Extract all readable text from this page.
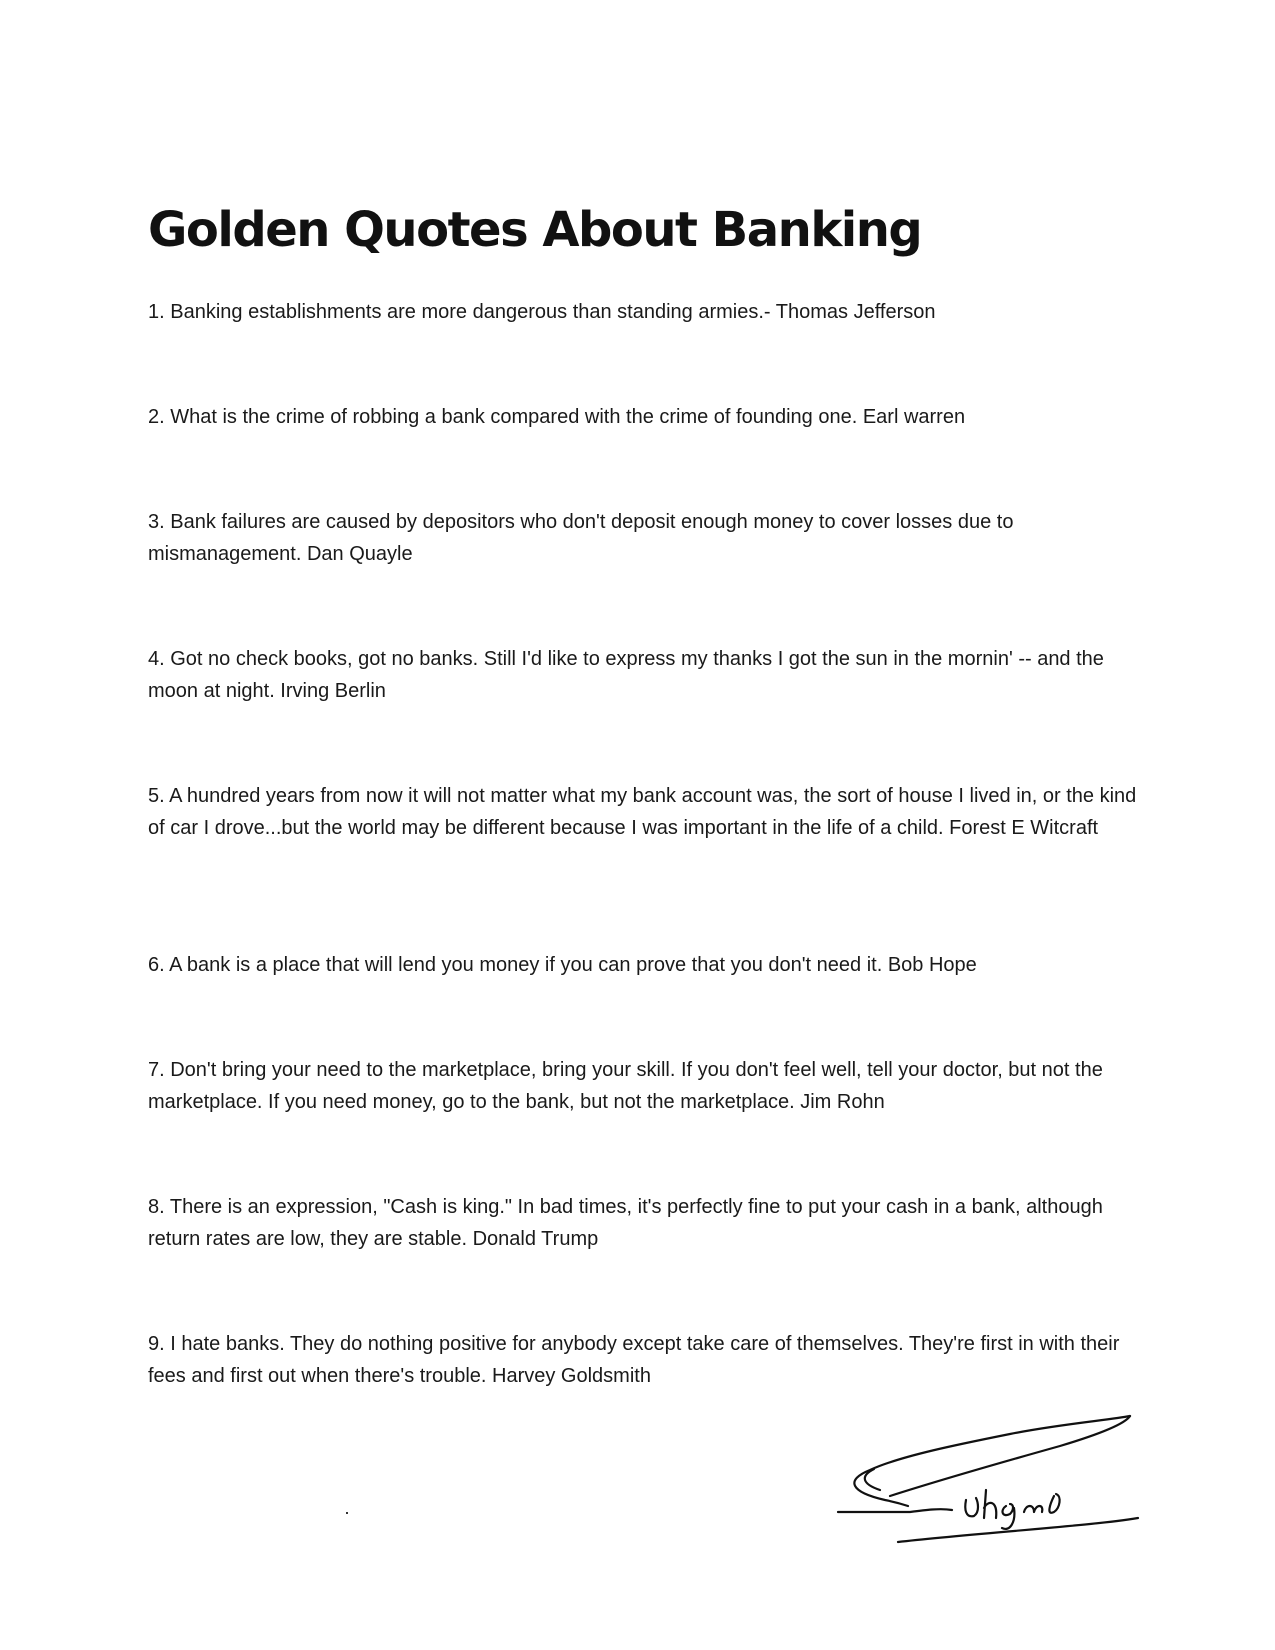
Golden Quotes About Banking

1. Banking establishments are more dangerous than standing armies.- Thomas Jefferson

2. What is the crime of robbing a bank compared with the crime of founding one. Earl warren

3. Bank failures are caused by depositors who don't deposit enough money to cover losses due to mismanagement. Dan Quayle

4. Got no check books, got no banks. Still I'd like to express my thanks I got the sun in the mornin' -- and the moon at night. Irving Berlin

5. A hundred years from now it will not matter what my bank account was, the sort of house I lived in, or the kind of car I drove...but the world may be different because I was important in the life of a child. Forest E Witcraft

6. A bank is a place that will lend you money if you can prove that you don't need it. Bob Hope

7. Don't bring your need to the marketplace, bring your skill. If you don't feel well, tell your doctor, but not the marketplace. If you need money, go to the bank, but not the marketplace. Jim Rohn

8. There is an expression, "Cash is king." In bad times, it's perfectly fine to put your cash in a bank, although return rates are low, they are stable. Donald Trump

9. I hate banks. They do nothing positive for anybody except take care of themselves. They're first in with their fees and first out when there's trouble. Harvey Goldsmith
